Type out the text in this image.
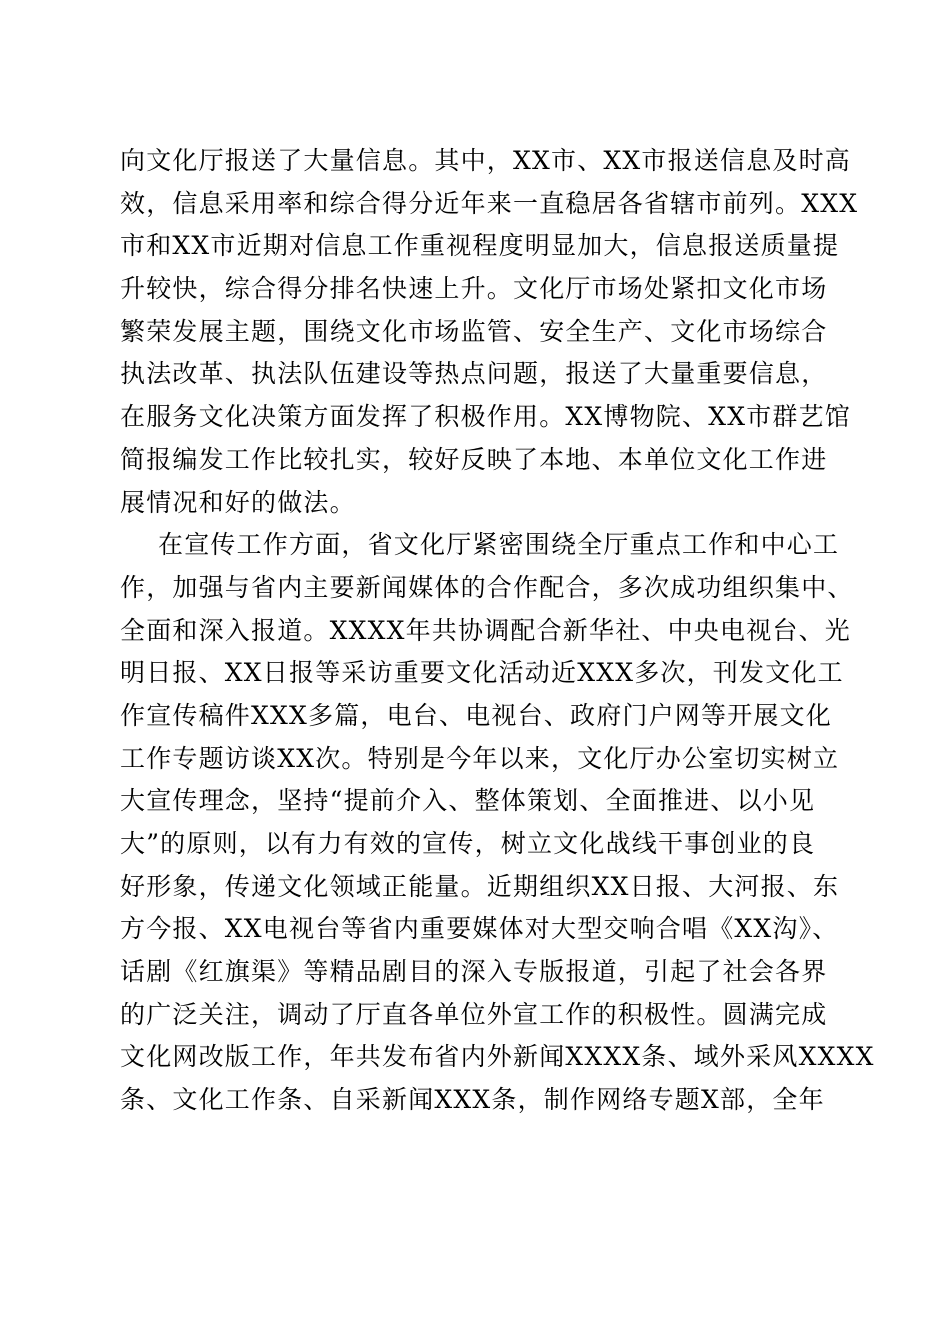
向文化厅报送了大量信息。其中，XX市、XX市报送信息及时高
效，信息采用率和综合得分近年来一直稳居各省辖市前列。XXX
市和XX市近期对信息工作重视程度明显加大，信息报送质量提
升较快，综合得分排名快速上升。文化厅市场处紧扣文化市场
繁荣发展主题，围绕文化市场监管、安全生产、文化市场综合
执法改革、执法队伍建设等热点问题，报送了大量重要信息，
在服务文化决策方面发挥了积极作用。XX博物院、XX市群艺馆
简报编发工作比较扎实，较好反映了本地、本单位文化工作进
展情况和好的做法。
在宣传工作方面，省文化厅紧密围绕全厅重点工作和中心工
作，加强与省内主要新闻媒体的合作配合，多次成功组织集中、
全面和深入报道。XXXX年共协调配合新华社、中央电视台、光
明日报、XX日报等采访重要文化活动近XXX多次，刊发文化工
作宣传稿件XXX多篇，电台、电视台、政府门户网等开展文化
工作专题访谈XX次。特别是今年以来，文化厅办公室切实树立
大宣传理念，坚持“提前介入、整体策划、全面推进、以小见
大”的原则，以有力有效的宣传，树立文化战线干事创业的良
好形象，传递文化领域正能量。近期组织XX日报、大河报、东
方今报、XX电视台等省内重要媒体对大型交响合唱《XX沟》、
话剧《红旗渠》等精品剧目的深入专版报道，引起了社会各界
的广泛关注，调动了厅直各单位外宣工作的积极性。圆满完成
文化网改版工作，年共发布省内外新闻XXXX条、域外采风XXXX
条、文化工作条、自采新闻XXX条，制作网络专题X部，全年
